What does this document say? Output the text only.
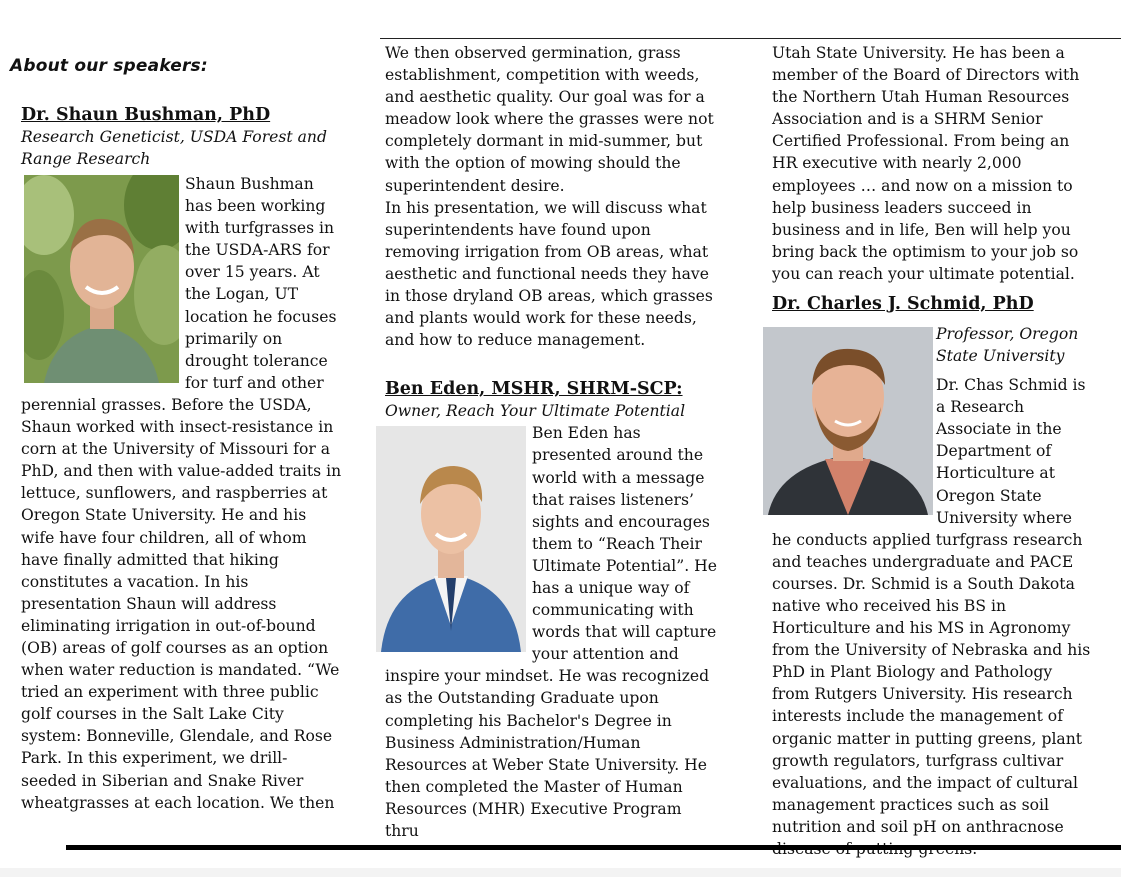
About our speakers:

Dr. Shaun Bushman, PhD

Research Geneticist, USDA Forest and Range Research

Shaun Bushman has been working with turfgrasses in the USDA-ARS for over 15 years. At the Logan, UT location he focuses primarily on drought tolerance for turf and other perennial grasses. Before the USDA, Shaun worked with insect-resistance in corn at the University of Missouri for a PhD, and then with value-added traits in lettuce, sunflowers, and raspberries at Oregon State University. He and his wife have four children, all of whom have finally admitted that hiking constitutes a vacation. In his presentation Shaun will address eliminating irrigation in out-of-bound (OB) areas of golf courses as an option when water reduction is mandated. “We tried an experiment with three public golf courses in the Salt Lake City system: Bonneville, Glendale, and Rose Park. In this experiment, we drill-seeded in Siberian and Snake River wheatgrasses at each location. We then

We then observed germination, grass establishment, competition with weeds, and aesthetic quality. Our goal was for a meadow look where the grasses were not completely dormant in mid-summer, but with the option of mowing should the superintendent desire.

In his presentation, we will discuss what superintendents have found upon removing irrigation from OB areas, what aesthetic and functional needs they have in those dryland OB areas, which grasses and plants would work for these needs, and how to reduce management.

Ben Eden, MSHR, SHRM-SCP:

Owner, Reach Your Ultimate Potential

Ben Eden has presented around the world with a message that raises listeners’ sights and encourages them to “Reach Their Ultimate Potential”. He has a unique way of communicating with words that will capture your attention and inspire your mindset. He was recognized as the Outstanding Graduate upon completing his Bachelor's Degree in Business Administration/Human Resources at Weber State University. He then completed the Master of Human Resources (MHR) Executive Program thru

Utah State University. He has been a member of the Board of Directors with the Northern Utah Human Resources Association and is a SHRM Senior Certified Professional. From being an HR executive with nearly 2,000 employees … and now on a mission to help business leaders succeed in business and in life, Ben will help you bring back the optimism to your job so you can reach your ultimate potential.

Dr. Charles J. Schmid, PhD

Professor, Oregon State University

Dr. Chas Schmid is a Research Associate in the Department of Horticulture at Oregon State University where he conducts applied turfgrass research and teaches undergraduate and PACE courses. Dr. Schmid is a South Dakota native who received his BS in Horticulture and his MS in Agronomy from the University of Nebraska and his PhD in Plant Biology and Pathology from Rutgers University. His research interests include the management of organic matter in putting greens, plant growth regulators, turfgrass cultivar evaluations, and the impact of cultural management practices such as soil nutrition and soil pH on anthracnose
